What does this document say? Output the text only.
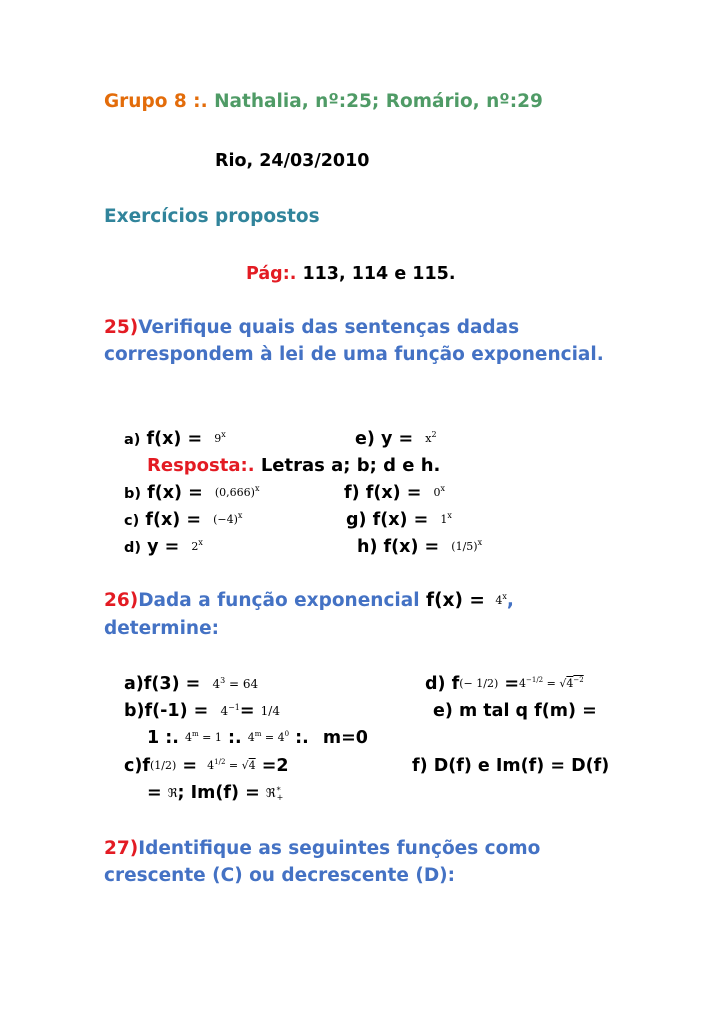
Grupo 8 :. Nathalia, nº:25; Romário, nº:29
Rio, 24/03/2010
Exercícios propostos
Pág:. 113, 114 e 115.
25)Verifique quais das sentenças dadas
correspondem à lei de uma função exponencial.
a) $f(x) = 9^x$	e) $y = x^2$
Resposta:. Letras a; b; d e h.
b) $f(x) = (0,666)^x$	f) $f(x) = 0^x$
c) $f(x) = (-4)^x$	g) $f(x) = 1^x$
d) $y = 2^x$	h) $f(x) = (1/5)^x$
26)Dada a função exponencial $f(x) = 4^x$,
determine:
$a)f(3) = 4^3 = 64$	d) $f(- 1/2) =4^{-1/2} = √4^{-2}$
$b)f(-1) = 4^{-1}= 1/4$	e) m tal q f(m) =
1 :. $4^m = 1$ :. $4^m = 4^0$ :. m=0
$c)f(1/2) = 4^{1/2} = √4 =2$	f) D(f) e Im(f) = D(f)
= ℜ; Im(f) = ℜ *
+
27)Identifique as seguintes funções como
crescente (C) ou decrescente (D):
